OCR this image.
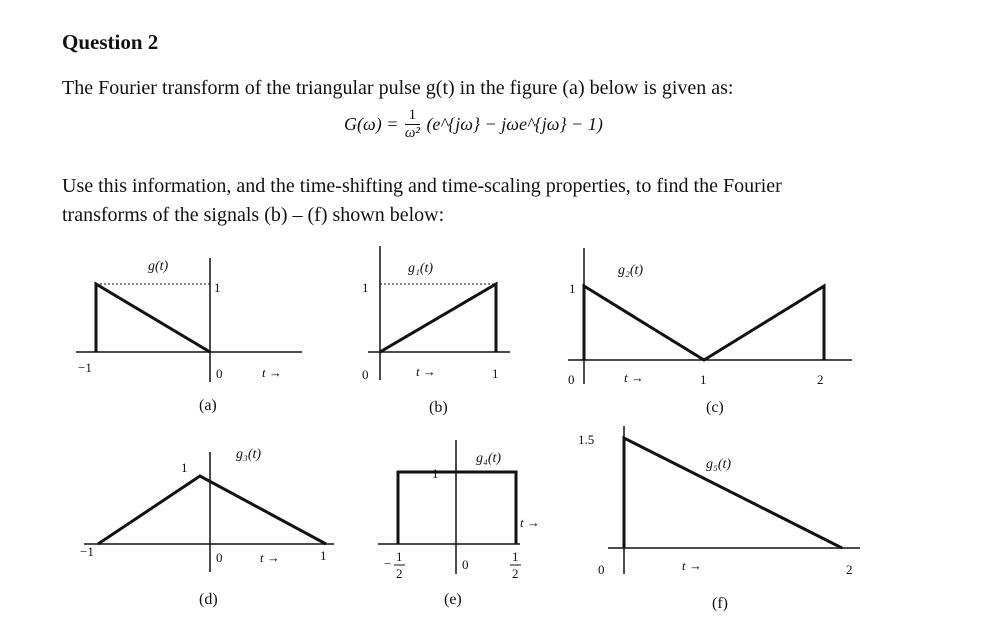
Question 2
The Fourier transform of the triangular pulse g(t) in the figure (a) below is given as:
$G(\omega) = \frac{1}{\text{ω²}}$ (e^{jω} − jωe^{jω} − 1)
Use this information, and the time-shifting and time-scaling properties, to find the Fourier
transforms of the signals (b) – (f) shown below:
g(t)
1
−1	0	t →
(a)
g₁(t)
1
0	1
t →
(b)
g₂(t)
1
0	1	2
t →
(c)
g₃(t)
1
−1	0	1
t →
(d)
g₄(t)
1
− 1
2
0
1
2
t →
(e)
g₅(t)
1.5
0	2
t →
(f)
